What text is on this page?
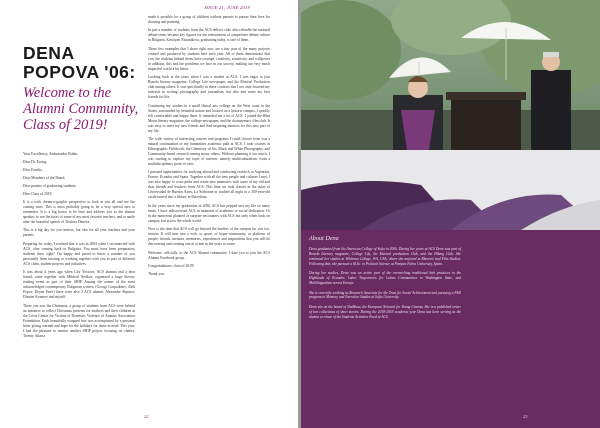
ISSUE 21, JUNE 2019
DENA
POPOVA '06:
Welcome to the Alumni Community, Class of 2019!

Your Excellency, Ambassador Rubin,

Dear Dr. Ewing,

Dear Faculty,

Dear Members of the Board,

Dear parents of graduating students,

Dear Class of 2019,

It is a truly dream-a-graphic perspective to look at you all and see the coming stars. This is most probably going to be a very special turn to remember. It is a big honor to be here and address you as the alumni speaker, to see the faces of some of my most favorite teachers, and to smile after the beautiful speech of Teodora Deneva.

This is a big day for you seniors, but also for all your teachers and your parents.

Preparing for today, I realized that it was in 2004 when I reconnected with ACS, after coming back to Bulgaria. You must have been preparatory students then, right? I'm happy and proud to know a number of you personally from tutoring or working together with you as part of different ACS clubs, student projects and initiatives.

It was about 4 years ago when Lily Yovtova, ACS alumna and a dear friend, came together with Mikhail Nedkov, organized a huge literary reading event as part of their SHIP. Among the names of the most acknowledged contemporary Bulgarian writers, (Georgi Gospodinov, Alek Popov, Deyan Enev) there were also 3 ACS alumni, Alexander Shpatov, Dimiter Kenarov and myself.

There you saw the Christmas, a group of students from ACS were behind an initiative to collect Christmas presents for mothers and their children at the Crisis Center for Victims of Domestic Violence of Animus Association Foundation. Each beautifully wrapped box was accompanied by a personal letter giving warmth and hope for the holidays for those in need. This year, I had the pleasure to mentor another SHIP project focusing on charity. Twenty Atlaria

made it possible for a group of children without parents to pursue their love for drawing and painting.

In just a number of students from the ACS deliver club, also rekindle the national debate team, became key figures for the reenactment of competitive debate culture in Bulgaria. Kristiyan Nistanikova, graduating today, is one of them.

These few examples that I share right now are a tiny part of the many projects created and produced by students here each year. All of them demonstrate that you, the students behind them, have courage, creativity, sensitivity, and willpower in addition, this and the problems we face in our society, making our very much impactful world a bit better.

Looking back at the years when I was a student at ACS, I was eager to join Bonola literary magazine, College Life newspaper, and the Musical Production club among others. It was specifically in these contexts that I not only fostered my interests in writing, photography and journalism, but also met some my best friends for life.

Continuing my studies in a small liberal arts college on the West coast in the States, surrounded by beautiful nature and located on a historic campus, I quickly felt comfortable and happy there. It reminded me a lot of ACS. I joined the Blue Moon literary magazine, the college newspaper, and the documentary film club. It was easy to meet my new friends and find inspiring mentors for this new part of my life.

The wide variety of interesting courses and programs I could choose from was a natural continuation of my humanities academic path at ACS. I took courses in Ethnographic Fieldwork, the Chemistry of Art, Black and White Photography, and Community-based research among many others. Without planning it too much, I was starting to explore my topic of interest, namely multiculturalism, from a multidisciplinary point of view.

I pursued opportunities for studying abroad and conducting research in Argentina, France, Ecuador and Spain. Together with all the new people and cultures I met, I was also happy to cross paths and create new memories with some of my old and dear friends and teachers from ACS. This time we took classes in the aulas of Universidad de Buenos Aires, La Sorbonne or studied all night in a 300-year-old castle turned into a library in Barcelona.

In the years since my graduation in 2006, ACS has popped into my life so many times. I have rediscovered ACS in moments of academic or social dedication. Or in the numerous planned or surprise encounters with ACS not only when back on campus, but across the whole world.

Now is the time that ACS will go beyond the borders of the campus for you too, seniors. It will turn into a web, or space, of hyper-community, or platform of people, friends, mentors, memories, experiences and inspirations that you will be discovering and creating one at a time in the years to come.

Welcome, officially, to the ACS Alumni community. I dare you to join the ACS Alumni Facebook group.

Congratulations, class of 2019!

Thank you.

22
About Dena

Dena graduated from the American College of Sofia in 2006. During her years at ACS Dena was part of Bonola Literary magazine, College Life, the Musical production Club, and the Hiking Club. She continued her studies at Whitman College, WA, USA, where she majored in Rhetoric and Film Studies. Following that, she pursued a M.Sc. in Political Science at Pompeu Fabra University, Spain.

During her studies, Dena was an active part of the overarching traditional knit practices in the Highlands of Ecuador, Labor Trajectories for Latino Communities in Washington State, and Multilingualism across Europe.

She is currently working as Research Associate for the Trust for Social Achievement and pursuing a PhD program in Memory and Narrative Studies at Sofia University.

Dena sits on the board of NiaMusa, the European Network for Young Cinema. She is a published writer of two collections of short stories. During the 2018-2019 academic year Dena has been serving as the alumni co-chair of the Students Activities Fund at ACS.

23
